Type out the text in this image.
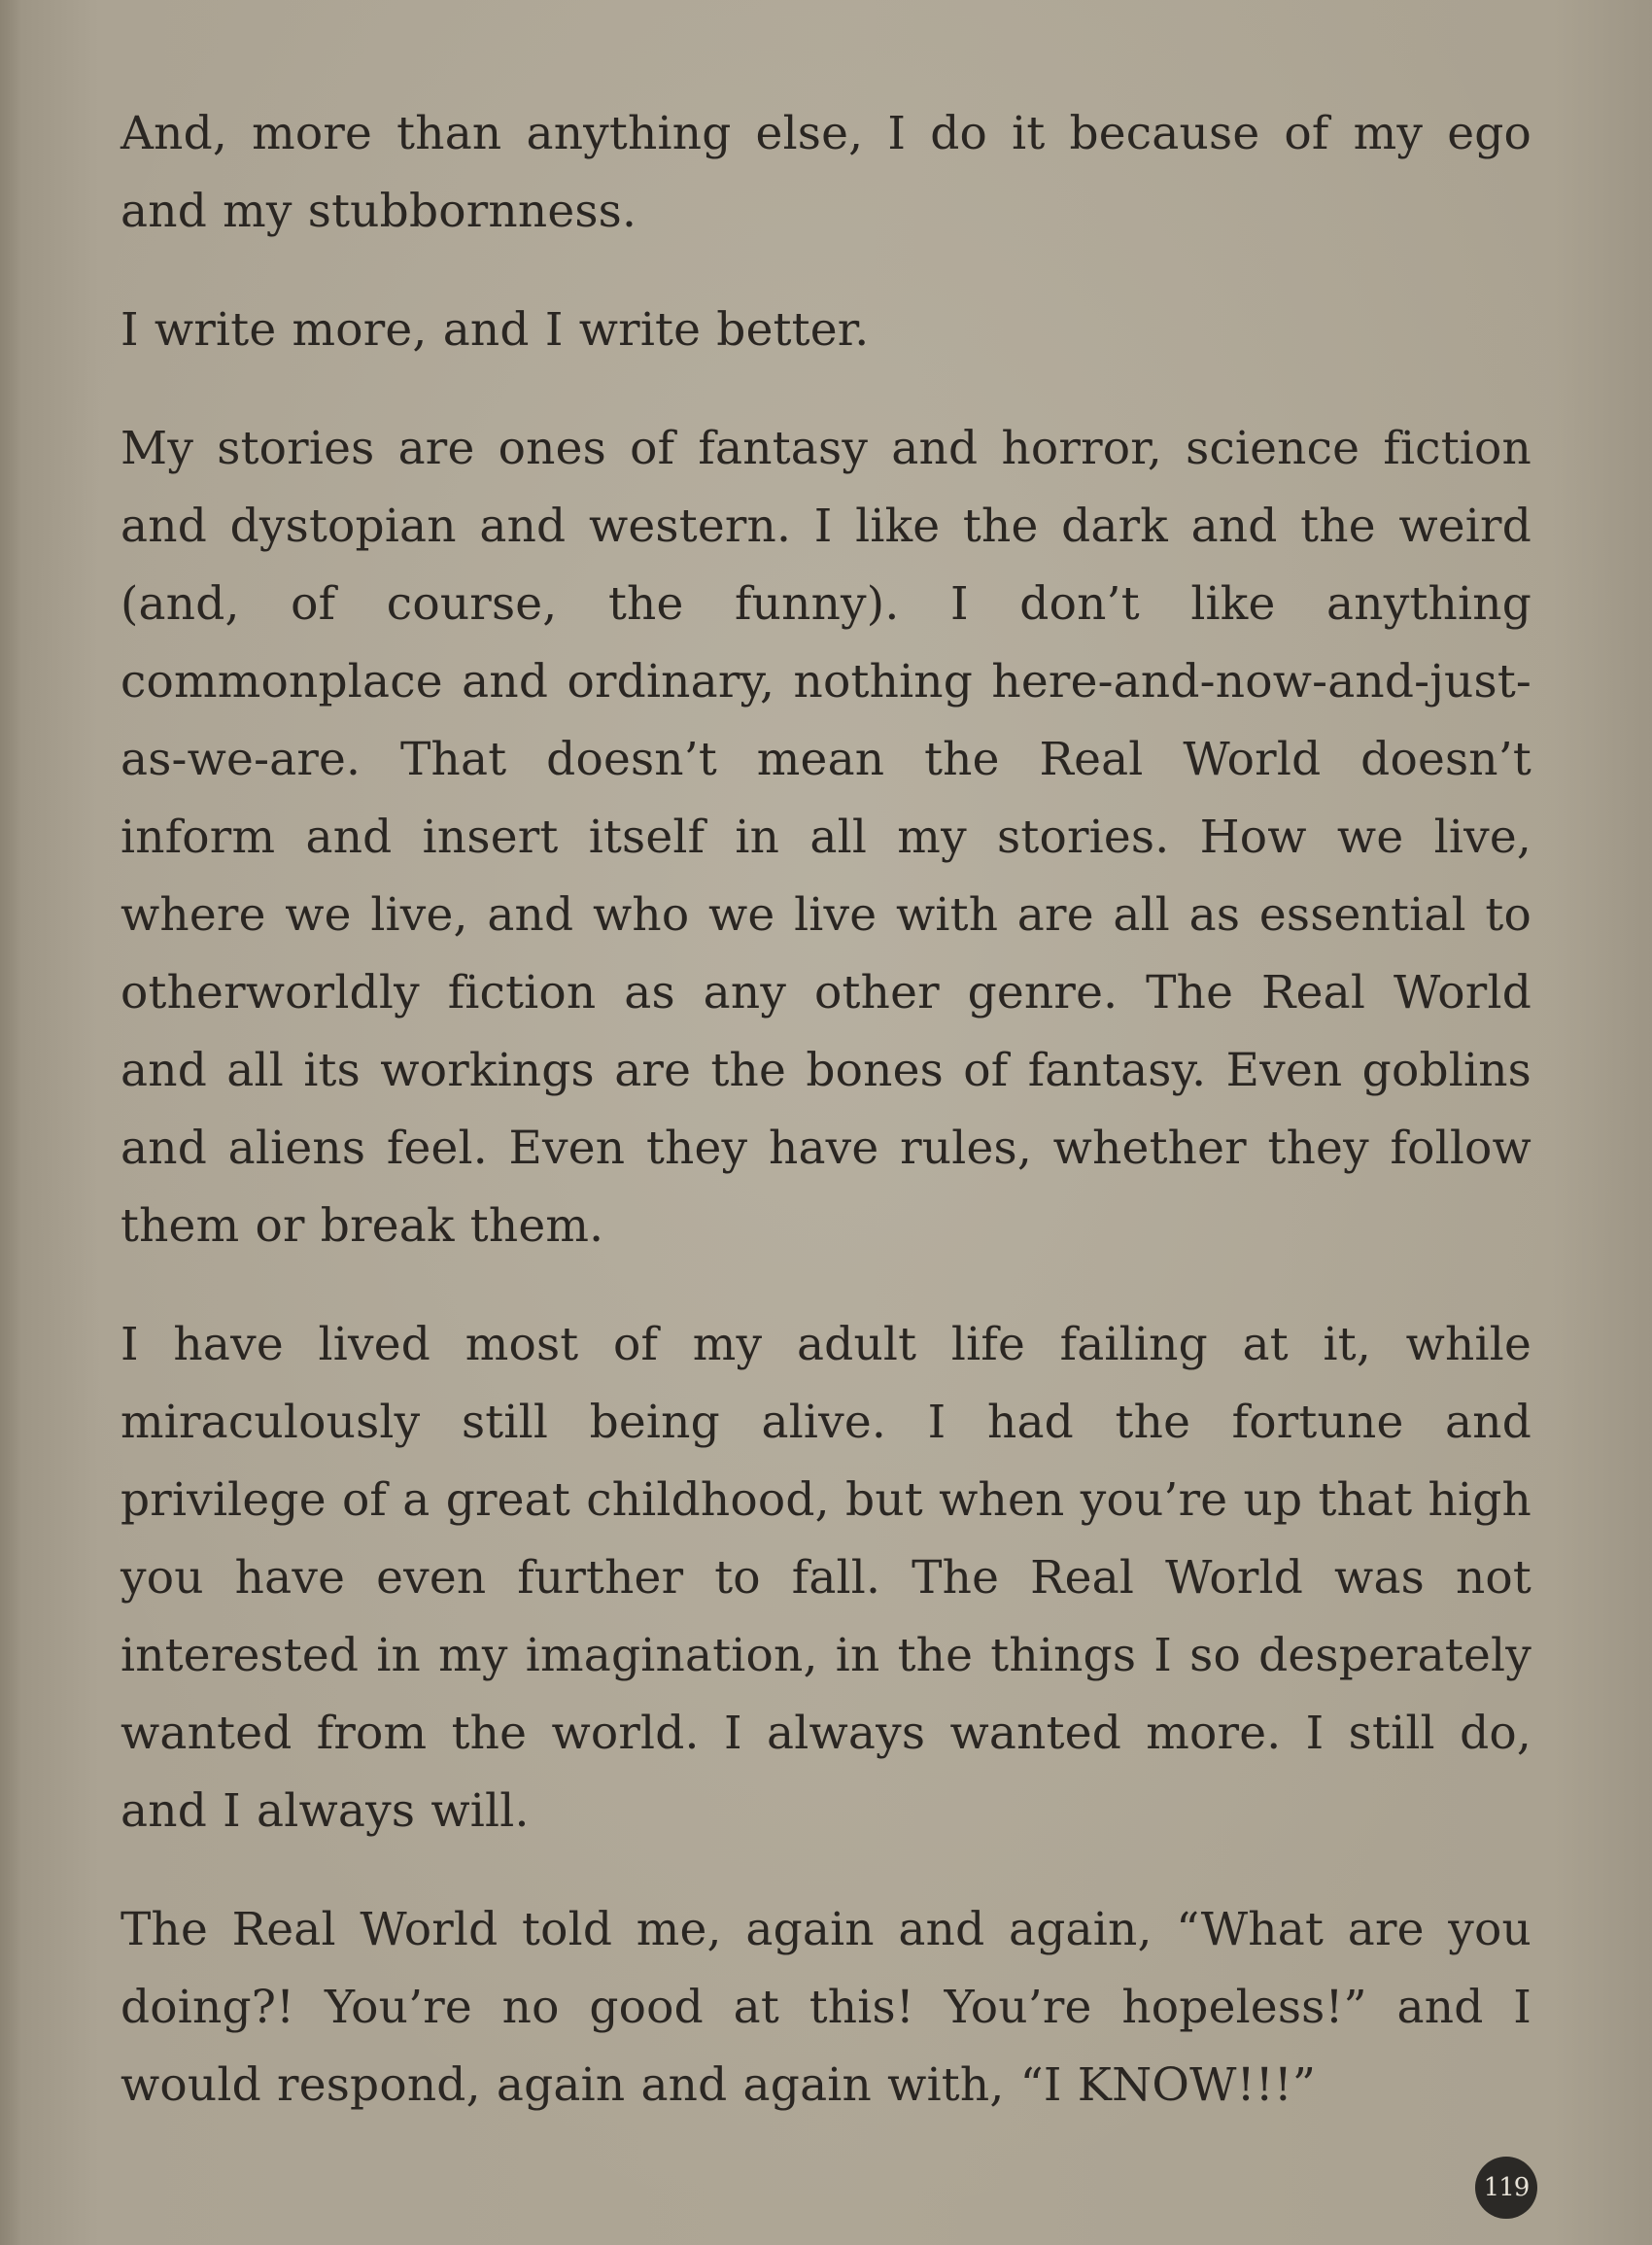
And, more than anything else, I do it because of my ego and my stubbornness.

I write more, and I write better.

My stories are ones of fantasy and horror, science fiction and dystopian and western. I like the dark and the weird (and, of course, the funny). I don’t like anything commonplace and ordinary, nothing here-and-now-and-just-as-we-are. That doesn’t mean the Real World doesn’t inform and insert itself in all my stories. How we live, where we live, and who we live with are all as essential to otherworldly fiction as any other genre. The Real World and all its workings are the bones of fantasy. Even goblins and aliens feel. Even they have rules, whether they follow them or break them.

I have lived most of my adult life failing at it, while miraculously still being alive. I had the fortune and privilege of a great childhood, but when you’re up that high you have even further to fall. The Real World was not interested in my imagination, in the things I so desperately wanted from the world. I always wanted more. I still do, and I always will.

The Real World told me, again and again, “What are you doing?! You’re no good at this! You’re hopeless!” and I would respond, again and again with, “I KNOW!!!”

119
